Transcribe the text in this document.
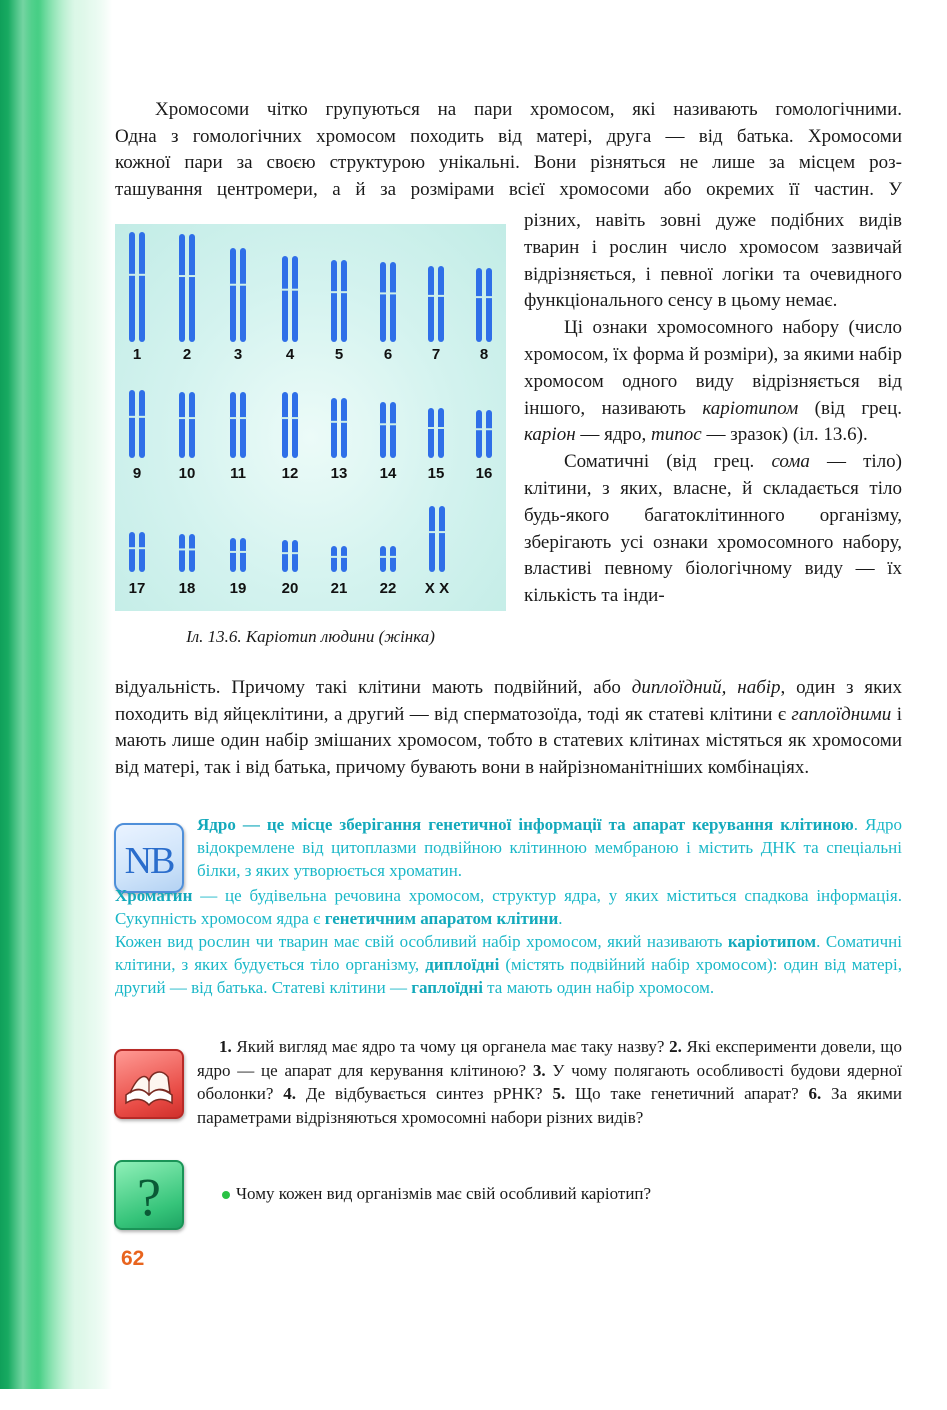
Хромосоми чітко групуються на пари хромосом, які називають гомологічними.
Одна з гомологічних хромосом походить від матері, друга — від батька. Хромосоми
кожної пари за своєю структурою унікальні. Вони різняться не лише за місцем роз-
ташування центромери, а й за розмірами всієї хромосоми або окремих її частин. У
1	2	3	4	5	6	7	8
9 10 11 12 13 14 15 16
17 18 19 20 21 22 X X
Іл. 13.6. Каріотип людини (жінка)

різних, навіть зовні дуже подібних видів тварин і рослин число хромосом зазвичай відрізняється, і певної логіки та очевидного функціонального сенсу в цьому немає.

Ці ознаки хромосомного набору (число хромосом, їх форма й розміри), за якими набір хромосом одного виду відрізняється від іншого, називають каріотипом (від грец. каріон — ядро, типос — зразок) (іл. 13.6).

Соматичні (від грец. сома — тіло) клітини, з яких, власне, й складається тіло будь-якого багатоклітинного організму, зберігають усі ознаки хромосомного набору, властиві певному біологічному виду — їх кількість та інди-

відуальність. Причому такі клітини мають подвійний, або диплоїдний, набір, один з яких походить від яйцеклітини, а другий — від сперматозоїда, тоді як статеві клітини є гаплоїдними і мають лише один набір змішаних хромосом, тобто в статевих клітинах містяться як хромосоми від матері, так і від батька, причому бувають вони в найрізноманітніших комбінаціях.
NB
Ядро — це місце зберігання генетичної інформації та апарат керування клітиною. Ядро відокремлене від цитоплазми подвійною клітинною мембраною і містить ДНК та спеціальні білки, з яких утворюється хроматин.
Хроматин — це будівельна речовина хромосом, структур ядра, у яких міститься спадкова інформація. Сукупність хромосом ядра є генетичним апаратом клітини.
Кожен вид рослин чи тварин має свій особливий набір хромосом, який називають каріотипом. Соматичні клітини, з яких будується тіло організму, диплоїдні (містять подвійний набір хромосом): один від матері, другий — від батька. Статеві клітини — гаплоїдні та мають один набір хромосом.
1. Який вигляд має ядро та чому ця органела має таку назву? 2. Які експерименти довели, що ядро — це апарат для керування клітиною? 3. У чому полягають особливості будови ядерної оболонки? 4. Де відбувається синтез рРНК? 5. Що таке генетичний апарат? 6. За якими параметрами відрізняються хромосомні набори різних видів?
?	Чому кожен вид організмів має свій особливий каріотип?
62
